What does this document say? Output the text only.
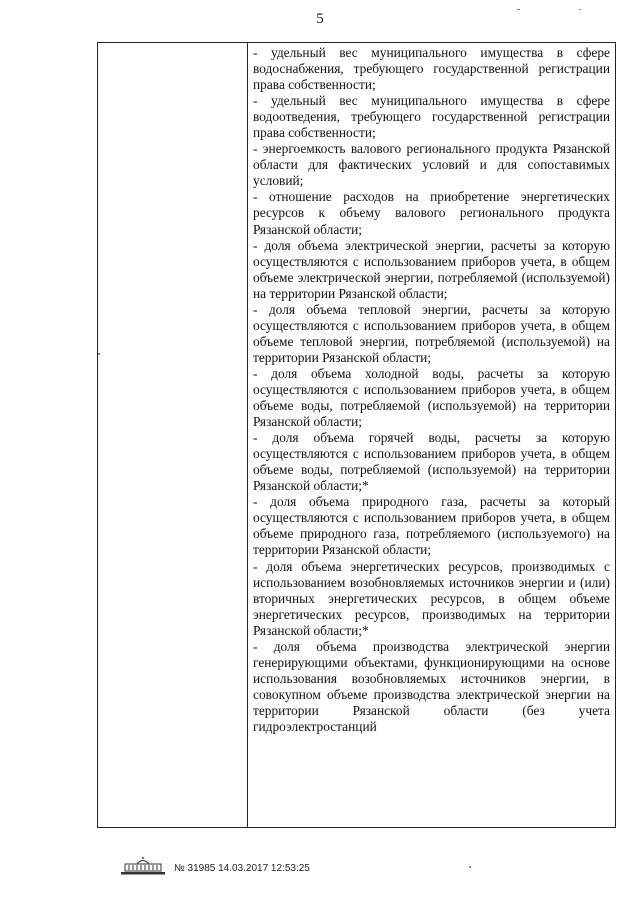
5

- удельный вес муниципального имущества в сфере водоснабжения, требующего государственной регистрации права собственности;

- удельный вес муниципального имущества в сфере водоотведения, требующего государственной регистрации права собственности;

- энергоемкость валового регионального продукта Рязанской области для фактических условий и для сопоставимых условий;

- отношение расходов на приобретение энергетических ресурсов к объему валового регионального продукта Рязанской области;

- доля объема электрической энергии, расчеты за которую осуществляются с использованием приборов учета, в общем объеме электрической энергии, потребляемой (используемой) на территории Рязанской области;

- доля объема тепловой энергии, расчеты за которую осуществляются с использованием приборов учета, в общем объеме тепловой энергии, потребляемой (используемой) на территории Рязанской области;

- доля объема холодной воды, расчеты за которую осуществляются с использованием приборов учета, в общем объеме воды, потребляемой (используемой) на территории Рязанской области;

- доля объема горячей воды, расчеты за которую осуществляются с использованием приборов учета, в общем объеме воды, потребляемой (используемой) на территории Рязанской области;*

- доля объема природного газа, расчеты за который осуществляются с использованием приборов учета, в общем объеме природного газа, потребляемого (используемого) на территории Рязанской области;

- доля объема энергетических ресурсов, производимых с использованием возобновляемых источников энергии и (или) вторичных энергетических ресурсов, в общем объеме энергетических ресурсов, производимых на территории Рязанской области;*

- доля объема производства электрической энергии генерирующими объектами, функционирующими на основе использования возобновляемых источников энергии, в совокупном объеме производства электрической энергии на территории Рязанской области (без учета гидроэлектростанций

№ 31985 14.03.2017 12:53:25
